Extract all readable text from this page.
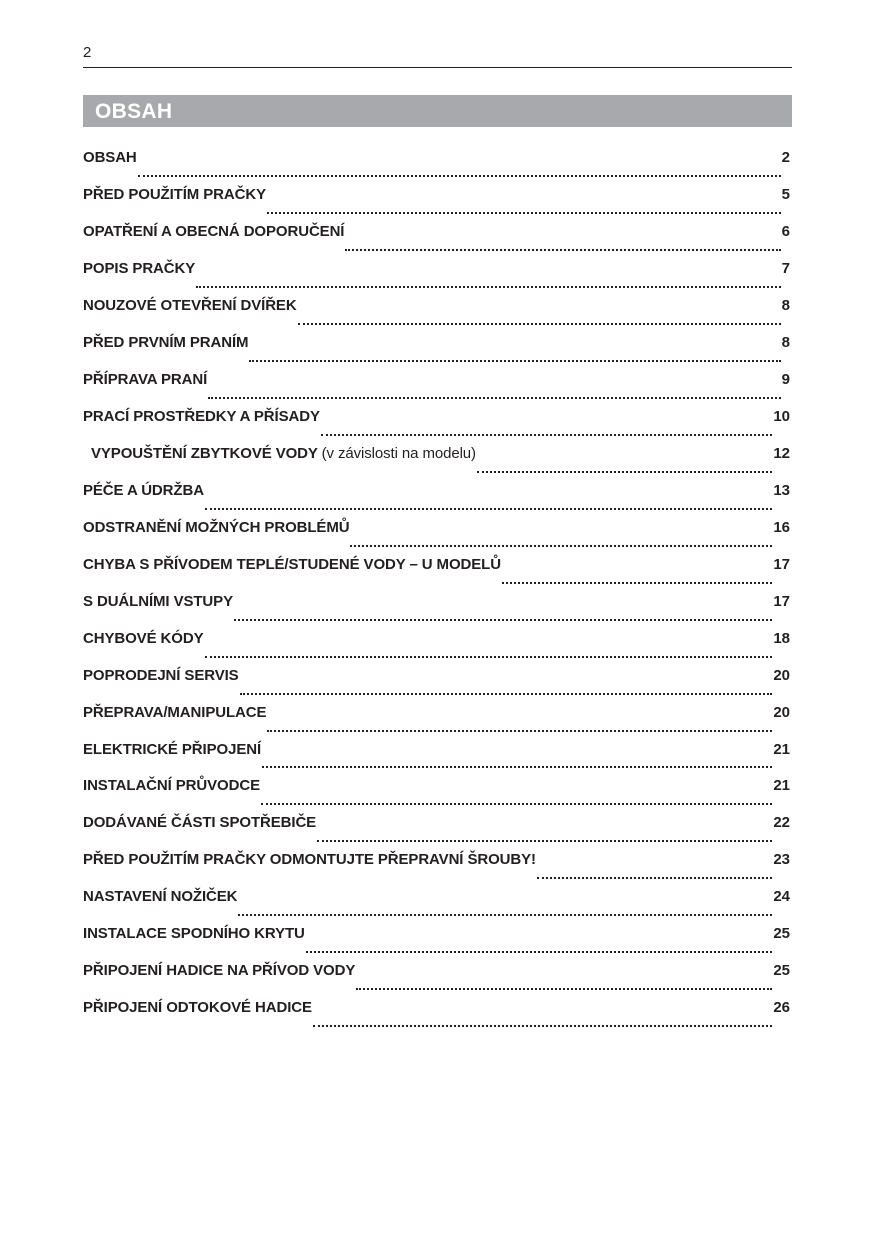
2
OBSAH
OBSAH	2
PŘED POUŽITÍM PRAČKY	5
OPATŘENÍ A OBECNÁ DOPORUČENÍ	6
POPIS PRAČKY	7
NOUZOVÉ OTEVŘENÍ DVÍŘEK	8
PŘED PRVNÍM PRANÍM	8
PŘÍPRAVA PRANÍ	9
PRACÍ PROSTŘEDKY A PŘÍSADY	10
VYPOUŠTĚNÍ ZBYTKOVÉ VODY (v závislosti na modelu)	12
PÉČE A ÚDRŽBA	13
ODSTRANĚNÍ MOŽNÝCH PROBLÉMŮ	16
CHYBA S PŘÍVODEM TEPLÉ/STUDENÉ VODY – U MODELŮ	17
S DUÁLNÍMI VSTUPY	17
CHYBOVÉ KÓDY	18
POPRODEJNÍ SERVIS	20
PŘEPRAVA/MANIPULACE	20
ELEKTRICKÉ PŘIPOJENÍ	21
INSTALAČNÍ PRŮVODCE	21
DODÁVANÉ ČÁSTI SPOTŘEBIČE	22
PŘED POUŽITÍM PRAČKY ODMONTUJTE PŘEPRAVNÍ ŠROUBY!	23
NASTAVENÍ NOŽIČEK	24
INSTALACE SPODNÍHO KRYTU	25
PŘIPOJENÍ HADICE NA PŘÍVOD VODY	25
PŘIPOJENÍ ODTOKOVÉ HADICE	26
